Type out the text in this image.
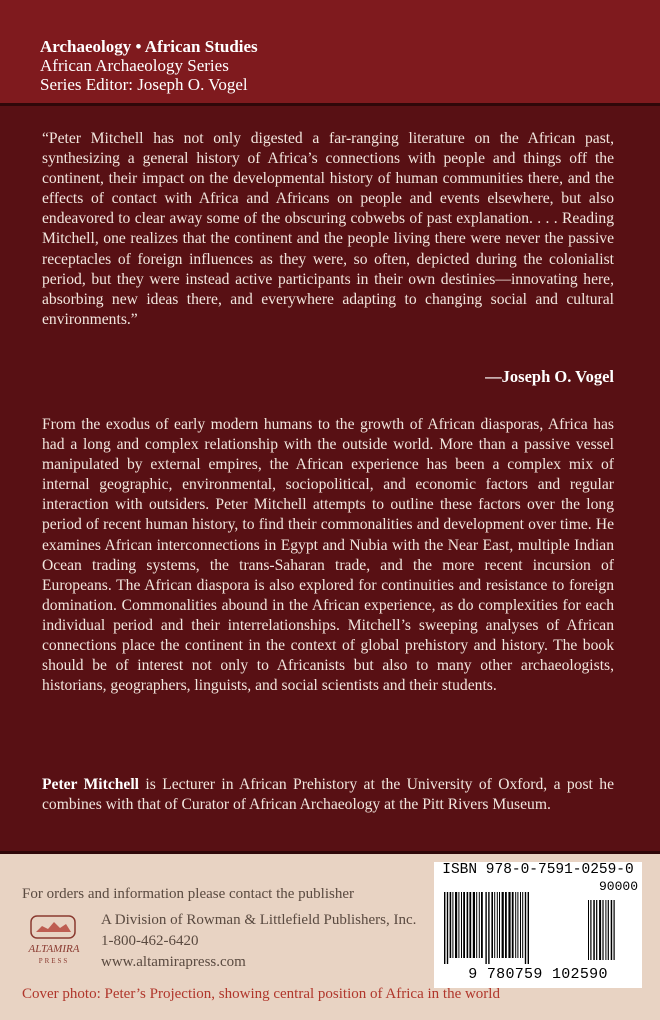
Archaeology • African Studies
African Archaeology Series
Series Editor: Joseph O. Vogel
“Peter Mitchell has not only digested a far-ranging literature on the African past, synthesizing a general history of Africa’s connections with people and things off the continent, their impact on the developmental history of human communities there, and the effects of contact with Africa and Africans on people and events elsewhere, but also endeavored to clear away some of the obscuring cobwebs of past explanation. . . . Reading Mitchell, one realizes that the continent and the people living there were never the passive receptacles of foreign influences as they were, so often, depicted during the colonialist period, but they were instead active participants in their own destinies—innovating here, absorbing new ideas there, and everywhere adapting to changing social and cultural environments.”
—Joseph O. Vogel
From the exodus of early modern humans to the growth of African diasporas, Africa has had a long and complex relationship with the outside world. More than a passive vessel manipulated by external empires, the African experience has been a complex mix of internal geographic, environmental, sociopolitical, and economic factors and regular interaction with outsiders. Peter Mitchell attempts to outline these factors over the long period of recent human history, to find their commonalities and development over time. He examines African interconnections in Egypt and Nubia with the Near East, multiple Indian Ocean trading systems, the trans-Saharan trade, and the more recent incursion of Europeans. The African diaspora is also explored for continuities and resistance to foreign domination. Commonalities abound in the African experience, as do complexities for each individual period and their interrelationships. Mitchell’s sweeping analyses of African connections place the continent in the context of global prehistory and history. The book should be of interest not only to Africanists but also to many other archaeologists, historians, geographers, linguists, and social scientists and their students.
Peter Mitchell is Lecturer in African Prehistory at the University of Oxford, a post he combines with that of Curator of African Archaeology at the Pitt Rivers Museum.
For orders and information please contact the publisher
ALTAMIRA
PRESS
A Division of Rowman & Littlefield Publishers, Inc.
1-800-462-6420
www.altamirapress.com
ISBN 978-0-7591-0259-0
90000
9 780759 102590
Cover photo: Peter’s Projection, showing central position of Africa in the world
